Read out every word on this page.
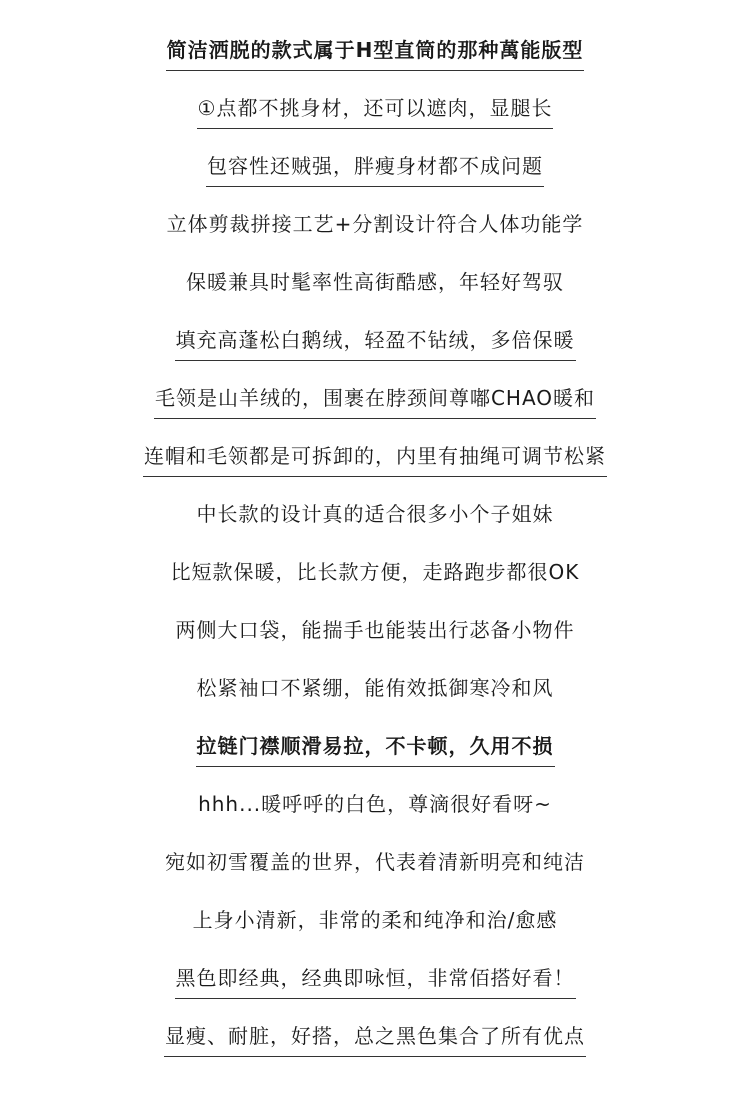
简洁洒脱的款式属于H型直筒的那种萬能版型
①点都不挑身材，还可以遮肉，显腿长
包容性还贼强，胖瘦身材都不成问题
立体剪裁拼接工艺+分割设计符合人体功能学
保暖兼具时髦率性高街酷感，年轻好驾驭
填充高蓬松白鹅绒，轻盈不钻绒，多倍保暖
毛领是山羊绒的，围裹在脖颈间尊嘟CHAO暖和
连帽和毛领都是可拆卸的，内里有抽绳可调节松紧
中长款的设计真的适合很多小个子姐妹
比短款保暖，比长款方便，走路跑步都很OK
两侧大口袋，能揣手也能装出行苾备小物件
松紧袖口不紧绷，能侑效抵御寒冷和风
拉链门襟顺滑易拉，不卡顿，久用不损
hhh...暖呼呼的白色，尊滴很好看呀~
宛如初雪覆盖的世界，代表着清新明亮和纯洁
上身小清新，非常的柔和纯净和治/愈感
黑色即经典，经典即咏恒，非常佰搭好看！
显瘦、耐脏，好搭，总之黑色集合了所有优点
